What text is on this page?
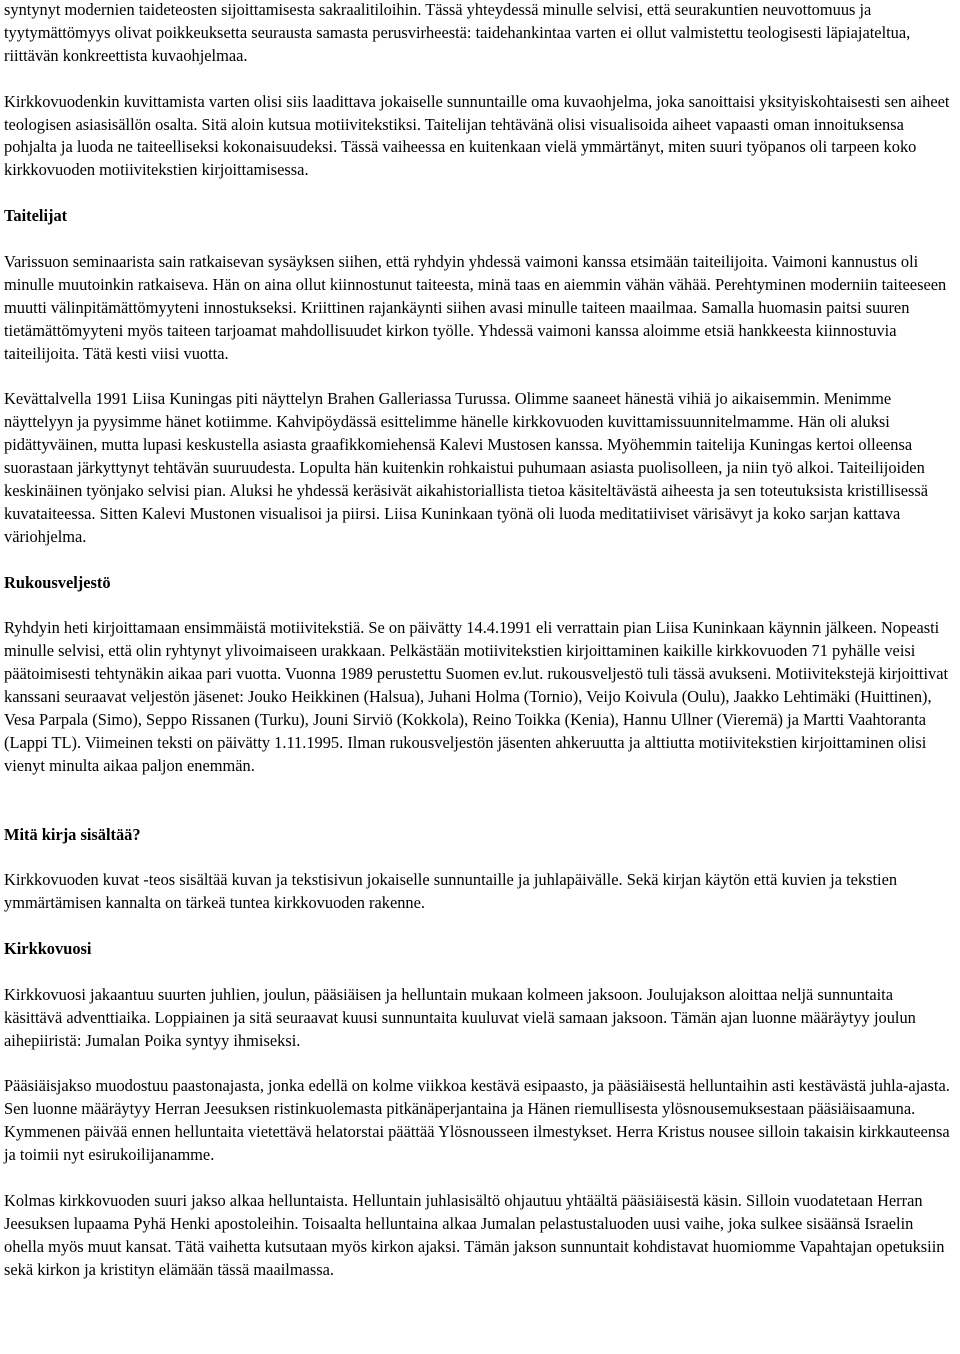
syntynyt modernien taideteosten sijoittamisesta sakraalitiloihin. Tässä yhteydessä minulle selvisi, että seurakuntien neuvottomuus ja tyytymättömyys olivat poikkeuksetta seurausta samasta perusvirheestä: taidehankintaa varten ei ollut valmistettu teologisesti läpiajateltua, riittävän konkreettista kuvaohjelmaa.

Kirkkovuodenkin kuvittamista varten olisi siis laadittava jokaiselle sunnuntaille oma kuvaohjelma, joka sanoittaisi yksityiskohtaisesti sen aiheet teologisen asiasisällön osalta. Sitä aloin kutsua motiivitekstiksi. Taitelijan tehtävänä olisi visualisoida aiheet vapaasti oman innoituksensa pohjalta ja luoda ne taiteelliseksi kokonaisuudeksi. Tässä vaiheessa en kuitenkaan vielä ymmärtänyt, miten suuri työpanos oli tarpeen koko kirkkovuoden motiivitekstien kirjoittamisessa.

Taitelijat

Varissuon seminaarista sain ratkaisevan sysäyksen siihen, että ryhdyin yhdessä vaimoni kanssa etsimään taiteilijoita. Vaimoni kannustus oli minulle muutoinkin ratkaiseva. Hän on aina ollut kiinnostunut taiteesta, minä taas en aiemmin vähän vähää. Perehtyminen moderniin taiteeseen muutti välinpitämättömyyteni innostukseksi. Kriittinen rajankäynti siihen avasi minulle taiteen maailmaa. Samalla huomasin paitsi suuren tietämättömyyteni myös taiteen tarjoamat mahdollisuudet kirkon työlle. Yhdessä vaimoni kanssa aloimme etsiä hankkeesta kiinnostuvia taiteilijoita. Tätä kesti viisi vuotta.

Kevättalvella 1991 Liisa Kuningas piti näyttelyn Brahen Galleriassa Turussa. Olimme saaneet hänestä vihiä jo aikaisemmin. Menimme näyttelyyn ja pyysimme hänet kotiimme. Kahvipöydässä esittelimme hänelle kirkkovuoden kuvittamissuunnitelmamme. Hän oli aluksi pidättyväinen, mutta lupasi keskustella asiasta graafikkomiehensä Kalevi Mustosen kanssa. Myöhemmin taitelija Kuningas kertoi olleensa suorastaan järkyttynyt tehtävän suuruudesta. Lopulta hän kuitenkin rohkaistui puhumaan asiasta puolisolleen, ja niin työ alkoi. Taiteilijoiden keskinäinen työnjako selvisi pian. Aluksi he yhdessä keräsivät aikahistoriallista tietoa käsiteltävästä aiheesta ja sen toteutuksista kristillisessä kuvataiteessa. Sitten Kalevi Mustonen visualisoi ja piirsi. Liisa Kuninkaan työnä oli luoda meditatiiviset värisävyt ja koko sarjan kattava väriohjelma.

Rukousveljestö

Ryhdyin heti kirjoittamaan ensimmäistä motiivitekstiä. Se on päivätty 14.4.1991 eli verrattain pian Liisa Kuninkaan käynnin jälkeen. Nopeasti minulle selvisi, että olin ryhtynyt ylivoimaiseen urakkaan. Pelkästään motiivitekstien kirjoittaminen kaikille kirkkovuoden 71 pyhälle veisi päätoimisesti tehtynäkin aikaa pari vuotta. Vuonna 1989 perustettu Suomen ev.lut. rukousveljestö tuli tässä avukseni. Motiivitekstejä kirjoittivat kanssani seuraavat veljestön jäsenet: Jouko Heikkinen (Halsua), Juhani Holma (Tornio), Veijo Koivula (Oulu), Jaakko Lehtimäki (Huittinen), Vesa Parpala (Simo), Seppo Rissanen (Turku), Jouni Sirviö (Kokkola), Reino Toikka (Kenia), Hannu Ullner (Vieremä) ja Martti Vaahtoranta (Lappi TL). Viimeinen teksti on päivätty 1.11.1995. Ilman rukousveljestön jäsenten ahkeruutta ja alttiutta motiivitekstien kirjoittaminen olisi vienyt minulta aikaa paljon enemmän.

Mitä kirja sisältää?

Kirkkovuoden kuvat -teos sisältää kuvan ja tekstisivun jokaiselle sunnuntaille ja juhlapäivälle. Sekä kirjan käytön että kuvien ja tekstien ymmärtämisen kannalta on tärkeä tuntea kirkkovuoden rakenne.

Kirkkovuosi

Kirkkovuosi jakaantuu suurten juhlien, joulun, pääsiäisen ja helluntain mukaan kolmeen jaksoon. Joulujakson aloittaa neljä sunnuntaita käsittävä adventtiaika. Loppiainen ja sitä seuraavat kuusi sunnuntaita kuuluvat vielä samaan jaksoon. Tämän ajan luonne määräytyy joulun aihepiiristä: Jumalan Poika syntyy ihmiseksi.

Pääsiäisjakso muodostuu paastonajasta, jonka edellä on kolme viikkoa kestävä esipaasto, ja pääsiäisestä helluntaihin asti kestävästä juhla-ajasta. Sen luonne määräytyy Herran Jeesuksen ristinkuolemasta pitkänäperjantaina ja Hänen riemullisesta ylösnousemuksestaan pääsiäisaamuna. Kymmenen päivää ennen helluntaita vietettävä helatorstai päättää Ylösnousseen ilmestykset. Herra Kristus nousee silloin takaisin kirkkauteensa ja toimii nyt esirukoilijanamme.

Kolmas kirkkovuoden suuri jakso alkaa helluntaista. Helluntain juhlasisältö ohjautuu yhtäältä pääsiäisestä käsin. Silloin vuodatetaan Herran Jeesuksen lupaama Pyhä Henki apostoleihin. Toisaalta helluntaina alkaa Jumalan pelastustaluoden uusi vaihe, joka sulkee sisäänsä Israelin ohella myös muut kansat. Tätä vaihetta kutsutaan myös kirkon ajaksi. Tämän jakson sunnuntait kohdistavat huomiomme Vapahtajan opetuksiin sekä kirkon ja kristityn elämään tässä maailmassa.
